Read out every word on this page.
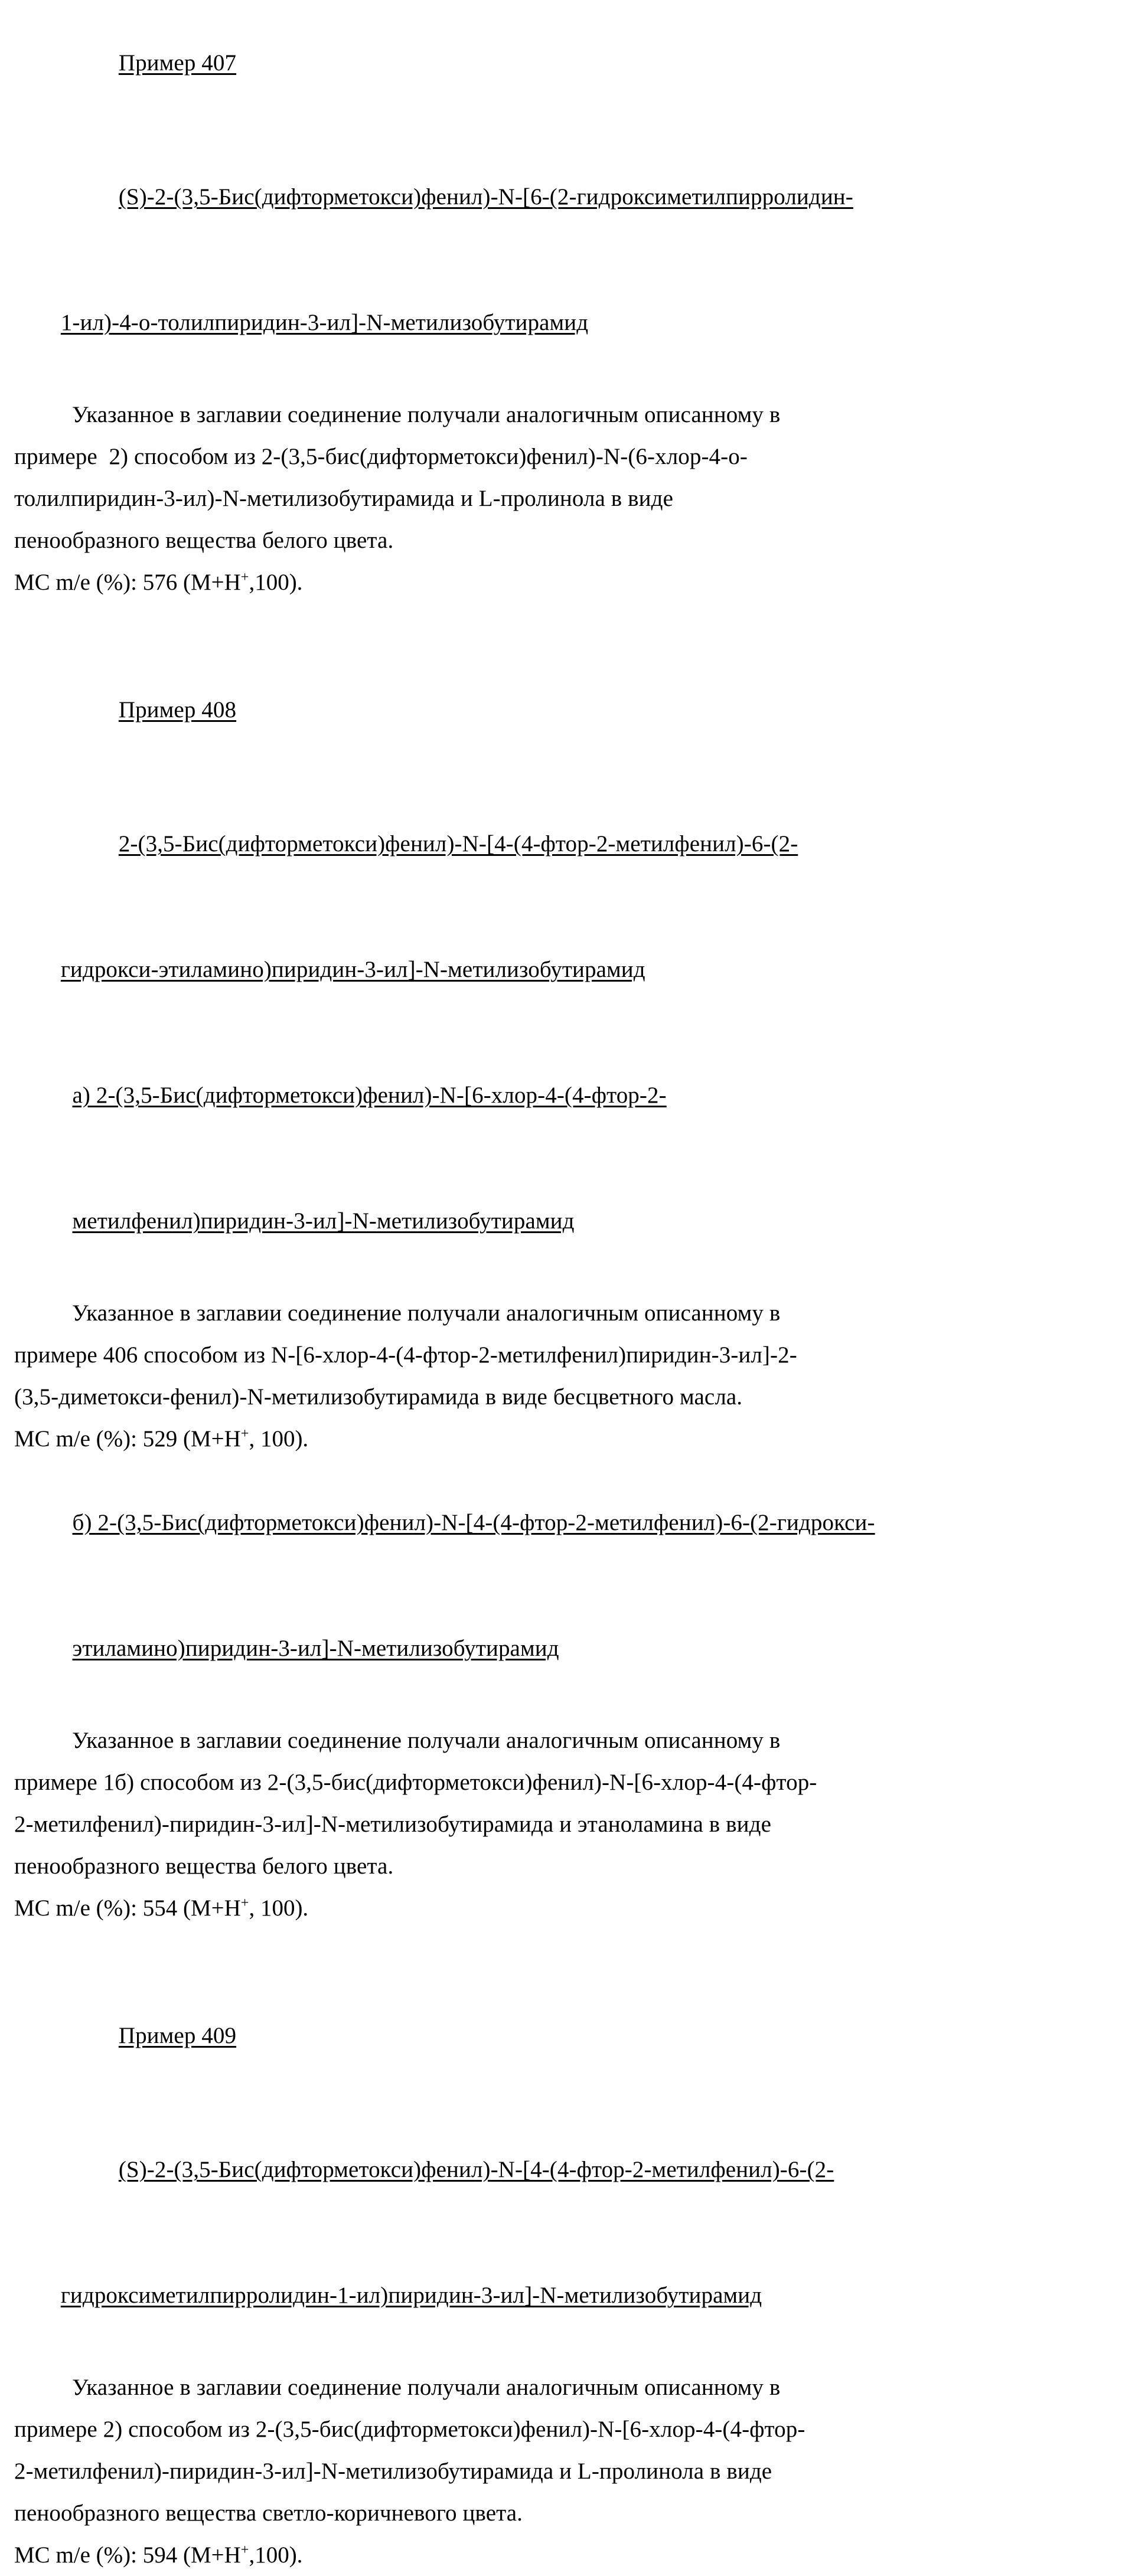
Пример 407

(S)-2-(3,5-Бис(дифторметокси)фенил)-N-[6-(2-гидроксиметилпирролидин-

1-ил)-4-о-толилпиридин-3-ил]-N-метилизобутирамид

Указанное в заглавии соединение получали аналогичным описанному в
примере  2) способом из 2-(3,5-бис(дифторметокси)фенил)-N-(6-хлор-4-о-
толилпиридин-3-ил)-N-метилизобутирамида и L-пролинола в виде
пенообразного вещества белого цвета.
МС m/e (%): 576 (М+Н+,100).

Пример 408

2-(3,5-Бис(дифторметокси)фенил)-N-[4-(4-фтор-2-метилфенил)-6-(2-

гидрокси-этиламино)пиридин-3-ил]-N-метилизобутирамид

а) 2-(3,5-Бис(дифторметокси)фенил)-N-[6-хлор-4-(4-фтор-2-

метилфенил)пиридин-3-ил]-N-метилизобутирамид

Указанное в заглавии соединение получали аналогичным описанному в
примере 406 способом из N-[6-хлор-4-(4-фтор-2-метилфенил)пиридин-3-ил]-2-
(3,5-диметокси-фенил)-N-метилизобутирамида в виде бесцветного масла.
МС m/e (%): 529 (М+Н+, 100).

б) 2-(3,5-Бис(дифторметокси)фенил)-N-[4-(4-фтор-2-метилфенил)-6-(2-гидрокси-

этиламино)пиридин-3-ил]-N-метилизобутирамид

Указанное в заглавии соединение получали аналогичным описанному в
примере 1б) способом из 2-(3,5-бис(дифторметокси)фенил)-N-[6-хлор-4-(4-фтор-
2-метилфенил)-пиридин-3-ил]-N-метилизобутирамида и этаноламина в виде
пенообразного вещества белого цвета.
МС m/e (%): 554 (М+Н+, 100).

Пример 409

(S)-2-(3,5-Бис(дифторметокси)фенил)-N-[4-(4-фтор-2-метилфенил)-6-(2-

гидроксиметилпирролидин-1-ил)пиридин-3-ил]-N-метилизобутирамид

Указанное в заглавии соединение получали аналогичным описанному в
примере 2) способом из 2-(3,5-бис(дифторметокси)фенил)-N-[6-хлор-4-(4-фтор-
2-метилфенил)-пиридин-3-ил]-N-метилизобутирамида и L-пролинола в виде
пенообразного вещества светло-коричневого цвета.
МС m/e (%): 594 (М+Н+,100).
